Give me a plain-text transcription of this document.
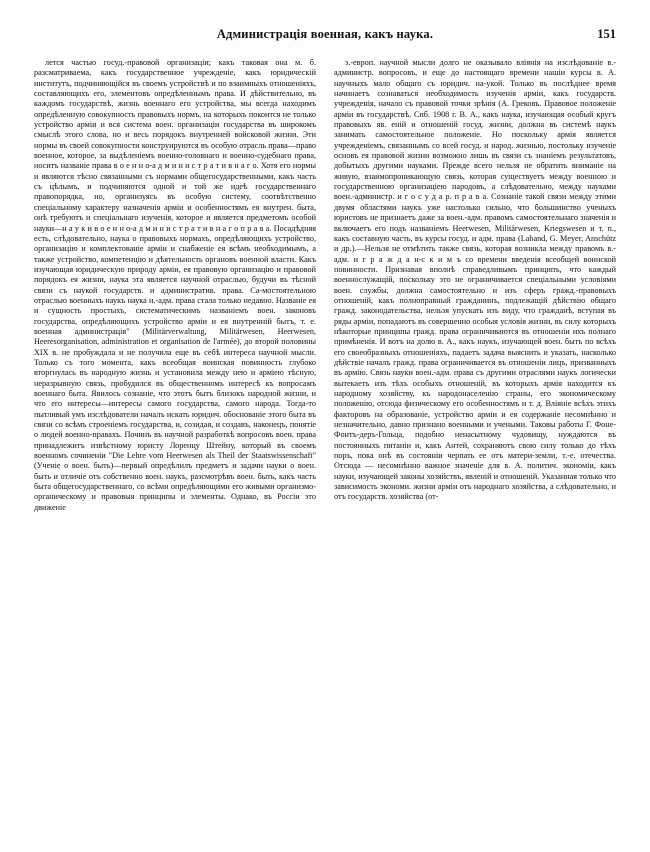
Администрація военная, какъ наука.	151

лется частью госуд.-правовой организаціи; какъ таковая она м. б. разсматриваема, какъ государственное учрежденіе, какъ юридическій институтъ, подчиняющійся въ своемъ устройствѣ и по взаимныхъ отношеніяхъ, составляющихъ его, элементовъ опредѣленнымъ права. И дѣйствительно, въ каждомъ государствѣ, жизнь военнаго его устройства, мы всегда находимъ опредѣленную совокупность правовыхъ нормъ, на которыхъ покоится не только устройство арміи и вся система воен. организаціи государства въ широкомъ смыслѣ этого слова, но и весь порядокъ внутренней войсковой жизни. Эти нормы въ своей совокупности конструируются въ особую отрасль права—право военное, которое, за выдѣленіемъ военно-головнаго и военно-судебнаго права, носитъ названіе права в о е н н о-а д м и н и с т р а т и в н а г о. Хотя его нормы и являются тѣсно связанными съ нормами общегосударственными, какъ часть съ цѣлымъ, и подчиняются одной и той же идеѣ государственнаго правопорядка, но, организуясь въ особую систему, соотвѣтственно спеціальному характеру назначенія арміи и особенностямъ ея внутрен. быта, онѣ требуютъ и спеціальнаго изученія, которое и является предметомъ особой науки—н а у к и в о е н н о-а д м и н и с т р а т и в н а г о п р а в а. Посадѣдняя есть, слѣдовательно, наука о правовыхъ нормахъ, опредѣляющихъ устройство, организацію и комплектованіе арміи и снабженіе ея всѣмъ необходимымъ, а также устройство, компетенцію и дѣятельность органовъ военной власти. Какъ изучающая юридическую природу арміи, ея правовую организацію и правовой порядокъ ея жизни, наука эта является научной отраслью, будучи въ тѣсной связи съ наукой государств. и административ. права. Са-мостоятельною отраслью военныхъ наукъ наука н.-адм. права стала только недавно. Названіе ея и сущность простыхъ, систематическимъ названіемъ воен. законовъ государства, опредѣляющихъ устройство арміи и ея внутренній бытъ, т. е. военная администрація" (Militärverwaltung, Militärwesen, Heerwesen, Heeresorganisation, administration et organisation de l'armée), до второй половины XIX в. не пробуждала и не получила еще въ себѣ интереса научной мысли. Только съ того момента, какъ всеобщая воинская повинность глубоко вторгнулась въ народную жизнь и установила между нею и арміею тѣсную, неразрывную связь, пробудился въ общественномъ интересѣ къ вопросамъ военнаго быта. Явилось сознаніе, что этотъ бытъ близокъ народной жизни, и что его интересы—интересы самого государства, самого народа. Тогда-то пытливый умъ изслѣдователи началъ искать юридич. обоснованіе этого быта въ связи со всѣмъ строеніемъ государства, и, созидая, и создавъ, наконецъ, понятіе о людей военно-правахъ. Починъ въ научной разработкѣ вопросовъ воен. права принадлежитъ извѣстному юристу Лоренцу Штейну, который въ своемъ военномъ сочиненіи "Die Lehre vom Heerwesen als Theil der Staatswissenschaft" (Ученіе о воен. быть)—первый опредѣлилъ предметъ и задачи науки о воен. быть и отличіе отъ собственно воен. наукъ, разсмотрѣвъ воен. быть, какъ часть быта общегосударственнаго, со всѣми опредѣляющими его живыми организмо-органическому и правовыя принципы и элементы. Однако, въ Россіи это движеніе

з.-европ. научной мысли долго не оказывало вліянія на изслѣдованіе в.-администр. вопросовъ, и еще до настоящаго времени нашіи курсы в. А. научныхъ мало общаго съ юридич. на-укой. Только въ послѣднее время начинаетъ сознаваться необходимость изученія арміи, какъ государств. учрежденія, начало съ правовой точки зрѣнія (А. Грековъ. Правовое положеніе арміи въ государствѣ. Спб. 1908 г. В. А., какъ наука, изучающая особый кругъ правовыхъ яв. еній и отношеній госуд. жизни, должна въ системѣ наукъ занимать самостоятельное положеніе. Но поскольку армія является учрежденіемъ, связаннымъ со всей госуд. и народ. жизнью, постольку изученіе основъ ея правовой жизни возможно лишь въ связи съ знаніемъ результатовъ, добытыхъ другими науками. Прежде всего нельзя не обратить вниманіе на живую, взаимопроникающую связь, которая существуетъ между военною и государственною организаціею народовъ, а слѣдовательно, между науками воен.-администр. и г о с у д а р. п р а в а. Сознаніе такой связи между этими двумя областями наукъ уже настолько сильно, что большинство ученыхъ юристовъ не признаетъ даже за воен.-адм. правомъ самостоятельнаго значенія и включаетъ его подъ названіемъ Heerwesen, Militärwesen, Kriegswesen и т. п., какъ составную часть, въ курсы госуд. и адм. права (Laband, G. Meyer, Anschütz и др.).—Нельзя не отмѣтить также связь, которая возникла между правомъ в.-адм. и г р а ж д а н-с к и м ъ со времени введенія всеобщей воинской повинности. Признавая вполнѣ справедливымъ принципъ, что каждый военнослужащій, поскольку это не ограничивается спеціальными условіями воен. службы, должна самостоятельно и изъ сферъ гражд.-правовыхъ отношеній, какъ полноправный гражданинъ, подлежащій дѣйствію общаго гражд. законодательства, нельзя упускать изъ виду, что гражданѣ, вступая въ ряды арміи, попадаютъ въ совершенно особыя условія жизни, въ силу которыхъ нѣкоторые принципы гражд. права ограничиваются въ отношеніи ихъ полнаго примѣненія. И вотъ на долю в. А., какъ наукъ, изучающей воен. бытъ по всѣхъ его своеобразныхъ отношеніяхъ, падаетъ задача выяснить и указать, насколько дѣйствіе началъ гражд. права ограничивается въ отношеніи лицъ, призванныхъ въ армію. Связь науки воен.-адм. права съ другими отраслями наукъ логически вытекаетъ изъ тѣхъ особыхъ отношеній, въ которыхъ армія находится къ народному хозяйству, къ народонаселенію страны, его экономическому положенію, отсюда физическому его особенностямъ и т. д. Вліяніе всѣхъ этихъ факторовъ на образованіе, устройство арміи и ея содержаніе несомнѣнно и незначительно, давно признано военными и учеными. Таковы работы Г. Фоне-Фонтъ-деръ-Гольца, подобно ненасытному чудовищу, нуждаются въ постоянныхъ питаніи и, какъ Антей, сохраняютъ свою силу только до тѣхъ поръ, пока онѣ въ состояніи черпать ее отъ матери-земли, т.-е. отечества. Отсюда — несомнѣнно важное значеніе для в. А. политич. экономіи, какъ науки, изучающей законы хозяйствъ, явленій и отношеній. Указанная только что зависимость экономи. жизни арміи отъ народнаго хозяйства, а слѣдовательно, и отъ государств. хозяйства (от-
